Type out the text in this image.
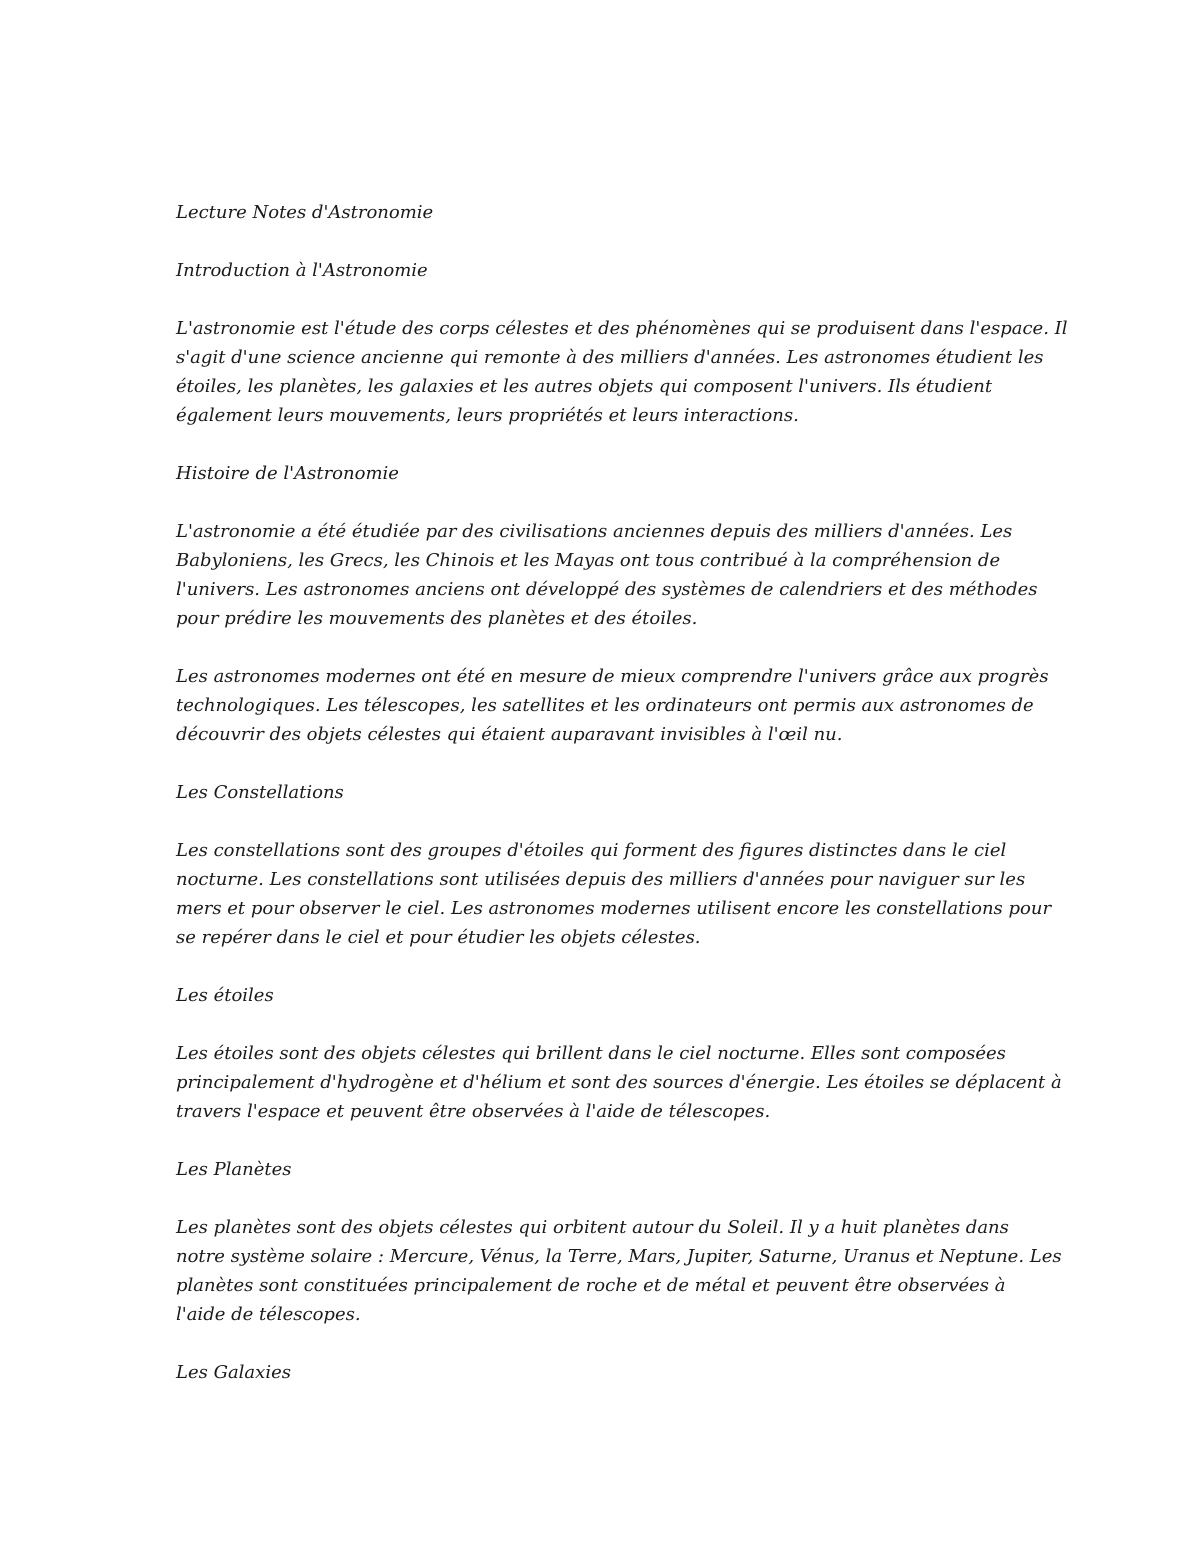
Lecture Notes d'Astronomie

Introduction à l'Astronomie

L'astronomie est l'étude des corps célestes et des phénomènes qui se produisent dans l'espace. Il

s'agit d'une science ancienne qui remonte à des milliers d'années. Les astronomes étudient les

étoiles, les planètes, les galaxies et les autres objets qui composent l'univers. Ils étudient

également leurs mouvements, leurs propriétés et leurs interactions.

Histoire de l'Astronomie

L'astronomie a été étudiée par des civilisations anciennes depuis des milliers d'années. Les

Babyloniens, les Grecs, les Chinois et les Mayas ont tous contribué à la compréhension de

l'univers. Les astronomes anciens ont développé des systèmes de calendriers et des méthodes

pour prédire les mouvements des planètes et des étoiles.

Les astronomes modernes ont été en mesure de mieux comprendre l'univers grâce aux progrès

technologiques. Les télescopes, les satellites et les ordinateurs ont permis aux astronomes de

découvrir des objets célestes qui étaient auparavant invisibles à l'œil nu.

Les Constellations

Les constellations sont des groupes d'étoiles qui forment des figures distinctes dans le ciel

nocturne. Les constellations sont utilisées depuis des milliers d'années pour naviguer sur les

mers et pour observer le ciel. Les astronomes modernes utilisent encore les constellations pour

se repérer dans le ciel et pour étudier les objets célestes.

Les étoiles

Les étoiles sont des objets célestes qui brillent dans le ciel nocturne. Elles sont composées

principalement d'hydrogène et d'hélium et sont des sources d'énergie. Les étoiles se déplacent à

travers l'espace et peuvent être observées à l'aide de télescopes.

Les Planètes

Les planètes sont des objets célestes qui orbitent autour du Soleil. Il y a huit planètes dans

notre système solaire : Mercure, Vénus, la Terre, Mars, Jupiter, Saturne, Uranus et Neptune. Les

planètes sont constituées principalement de roche et de métal et peuvent être observées à

l'aide de télescopes.

Les Galaxies
